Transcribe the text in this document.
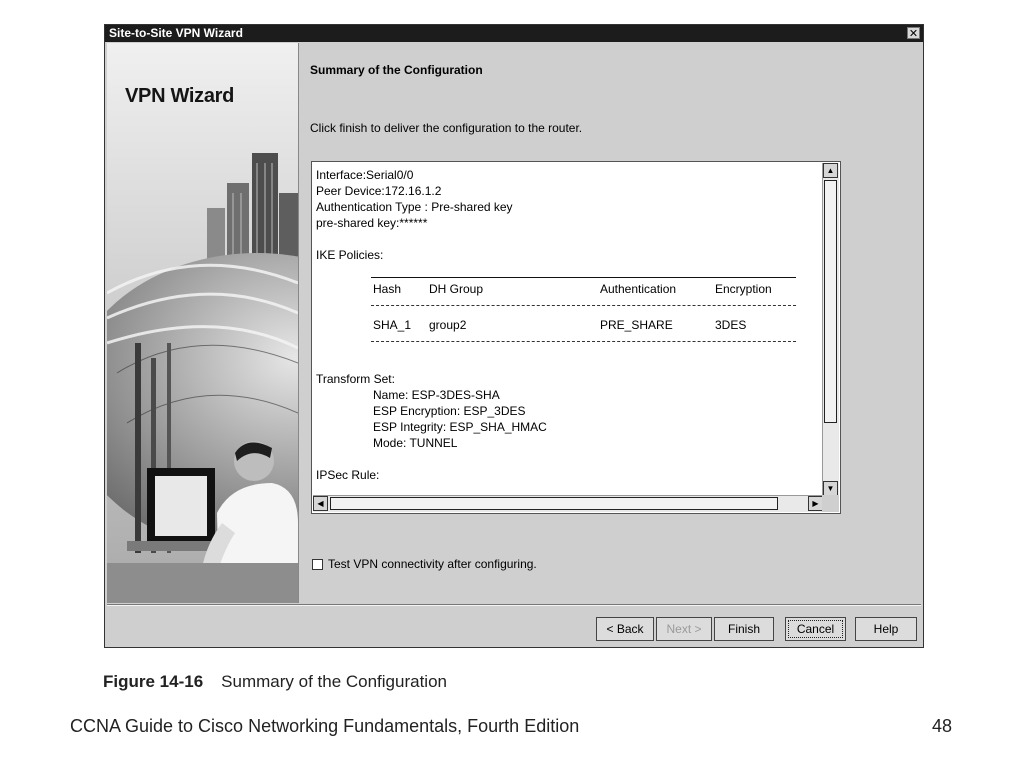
Site-to-Site VPN Wizard	✕
VPN Wizard
Summary of the Configuration
Click finish to deliver the configuration to the router.
Interface:Serial0/0
Peer Device:172.16.1.2
Authentication Type : Pre-shared key
pre-shared key:******
IKE Policies:
Hash DH Group	Authentication	Encryption
SHA_1 group2	PRE_SHARE	3DES
Transform Set:
Name: ESP-3DES-SHA
ESP Encryption: ESP_3DES
ESP Integrity: ESP_SHA_HMAC
Mode: TUNNEL
IPSec Rule:
▲
▼
◀	▶
Test VPN connectivity after configuring.
< Back	Next >	Finish	Cancel	Help
Figure 14-16 Summary of the Configuration
CCNA Guide to Cisco Networking Fundamentals, Fourth Edition	48
